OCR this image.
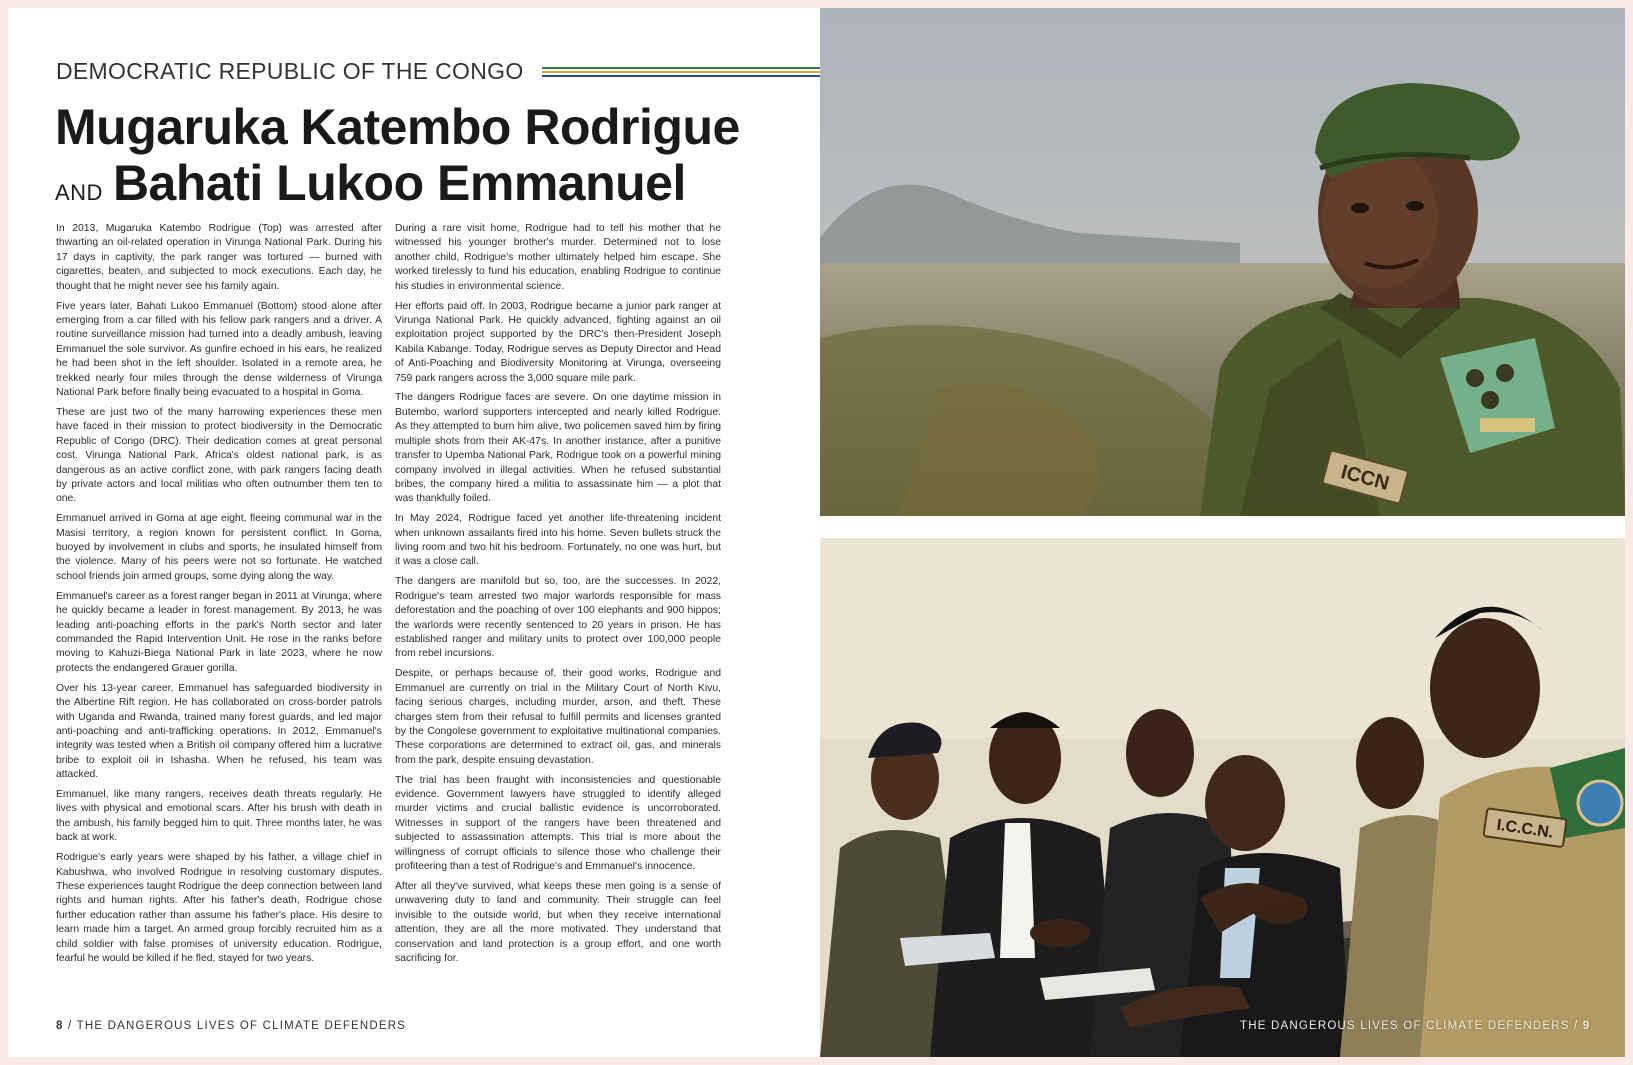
DEMOCRATIC REPUBLIC OF THE CONGO
Mugaruka Katembo Rodrigue
AND Bahati Lukoo Emmanuel

In 2013, Mugaruka Katembo Rodrigue (Top) was arrested after thwarting an oil-related operation in Virunga National Park. During his 17 days in captivity, the park ranger was tortured — burned with cigarettes, beaten, and subjected to mock executions. Each day, he thought that he might never see his family again.

Five years later, Bahati Lukoo Emmanuel (Bottom) stood alone after emerging from a car filled with his fellow park rangers and a driver. A routine surveillance mission had turned into a deadly ambush, leaving Emmanuel the sole survivor. As gunfire echoed in his ears, he realized he had been shot in the left shoulder. Isolated in a remote area, he trekked nearly four miles through the dense wilderness of Virunga National Park before finally being evacuated to a hospital in Goma.

These are just two of the many harrowing experiences these men have faced in their mission to protect biodiversity in the Democratic Republic of Congo (DRC). Their dedication comes at great personal cost. Virunga National Park, Africa's oldest national park, is as dangerous as an active conflict zone, with park rangers facing death by private actors and local militias who often outnumber them ten to one.

Emmanuel arrived in Goma at age eight, fleeing communal war in the Masisi territory, a region known for persistent conflict. In Goma, buoyed by involvement in clubs and sports, he insulated himself from the violence. Many of his peers were not so fortunate. He watched school friends join armed groups, some dying along the way.

Emmanuel's career as a forest ranger began in 2011 at Virunga, where he quickly became a leader in forest management. By 2013, he was leading anti-poaching efforts in the park's North sector and later commanded the Rapid Intervention Unit. He rose in the ranks before moving to Kahuzi-Biega National Park in late 2023, where he now protects the endangered Grauer gorilla.

Over his 13-year career, Emmanuel has safeguarded biodiversity in the Albertine Rift region. He has collaborated on cross-border patrols with Uganda and Rwanda, trained many forest guards, and led major anti-poaching and anti-trafficking operations. In 2012, Emmanuel's integrity was tested when a British oil company offered him a lucrative bribe to exploit oil in Ishasha. When he refused, his team was attacked.

Emmanuel, like many rangers, receives death threats regularly. He lives with physical and emotional scars. After his brush with death in the ambush, his family begged him to quit. Three months later, he was back at work.

Rodrigue's early years were shaped by his father, a village chief in Kabushwa, who involved Rodrigue in resolving customary disputes. These experiences taught Rodrigue the deep connection between land rights and human rights. After his father's death, Rodrigue chose further education rather than assume his father's place. His desire to learn made him a target. An armed group forcibly recruited him as a child soldier with false promises of university education. Rodrigue, fearful he would be killed if he fled, stayed for two years.

During a rare visit home, Rodrigue had to tell his mother that he witnessed his younger brother's murder. Determined not to lose another child, Rodrigue's mother ultimately helped him escape. She worked tirelessly to fund his education, enabling Rodrigue to continue his studies in environmental science.

Her efforts paid off. In 2003, Rodrigue became a junior park ranger at Virunga National Park. He quickly advanced, fighting against an oil exploitation project supported by the DRC's then-President Joseph Kabila Kabange. Today, Rodrigue serves as Deputy Director and Head of Anti-Poaching and Biodiversity Monitoring at Virunga, overseeing 759 park rangers across the 3,000 square mile park.

The dangers Rodrigue faces are severe. On one daytime mission in Butembo, warlord supporters intercepted and nearly killed Rodrigue. As they attempted to burn him alive, two policemen saved him by firing multiple shots from their AK-47s. In another instance, after a punitive transfer to Upemba National Park, Rodrigue took on a powerful mining company involved in illegal activities. When he refused substantial bribes, the company hired a militia to assassinate him — a plot that was thankfully foiled.

In May 2024, Rodrigue faced yet another life-threatening incident when unknown assailants fired into his home. Seven bullets struck the living room and two hit his bedroom. Fortunately, no one was hurt, but it was a close call.

The dangers are manifold but so, too, are the successes. In 2022, Rodrigue's team arrested two major warlords responsible for mass deforestation and the poaching of over 100 elephants and 900 hippos; the warlords were recently sentenced to 20 years in prison. He has established ranger and military units to protect over 100,000 people from rebel incursions.

Despite, or perhaps because of, their good works, Rodrigue and Emmanuel are currently on trial in the Military Court of North Kivu, facing serious charges, including murder, arson, and theft. These charges stem from their refusal to fulfill permits and licenses granted by the Congolese government to exploitative multinational companies. These corporations are determined to extract oil, gas, and minerals from the park, despite ensuing devastation.

The trial has been fraught with inconsistencies and questionable evidence. Government lawyers have struggled to identify alleged murder victims and crucial ballistic evidence is uncorroborated. Witnesses in support of the rangers have been threatened and subjected to assassination attempts. This trial is more about the willingness of corrupt officials to silence those who challenge their profiteering than a test of Rodrigue's and Emmanuel's innocence.

After all they've survived, what keeps these men going is a sense of unwavering duty to land and community. Their struggle can feel invisible to the outside world, but when they receive international attention, they are all the more motivated. They understand that conservation and land protection is a group effort, and one worth sacrificing for.

8 / THE DANGEROUS LIVES OF CLIMATE DEFENDERS
ICCN
I.C.C.N.
THE DANGEROUS LIVES OF CLIMATE DEFENDERS / 9
